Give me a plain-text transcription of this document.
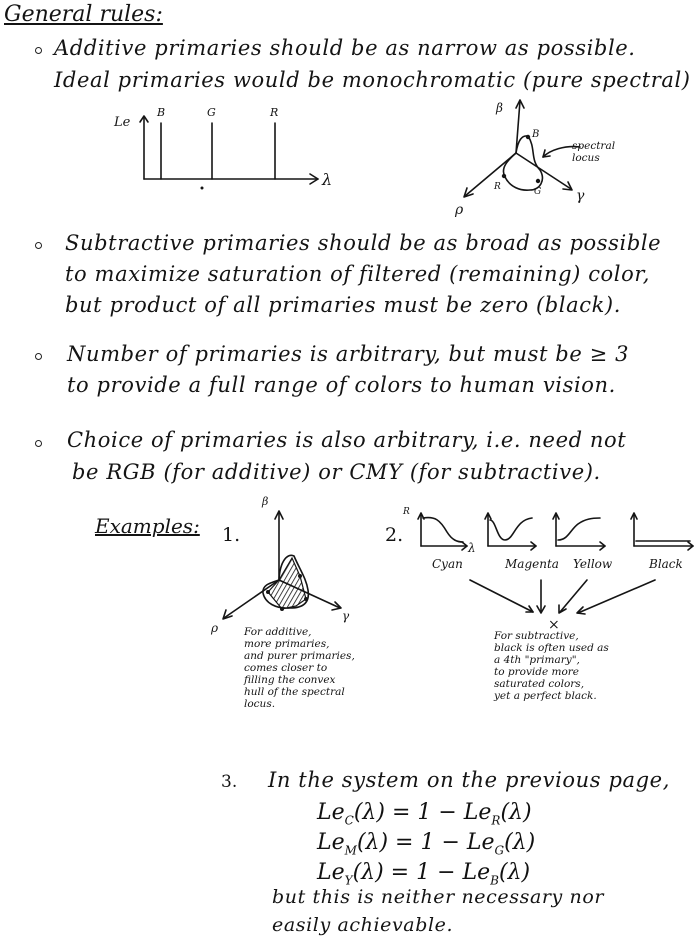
General rules:
Additive primaries should be as narrow as possible.
Ideal primaries would be monochromatic (pure spectral)
Le
λ
B	G	R	β
ρ
γ
B
R	G
spectral
locus
Subtractive primaries should be as broad as possible
to maximize saturation of filtered (remaining) color,
but product of all primaries must be zero (black).
Number of primaries is arbitrary, but must be ≥ 3
to provide a full range of colors to human vision.
Choice of primaries is also arbitrary, i.e. need not
be RGB (for additive) or CMY (for subtractive).
Examples: 1.
β
ρ
γ
For additive,
more primaries,
and purer primaries,
comes closer to
filling the convex
hull of the spectral
locus.
2.
R
λ
Cyan	Magenta Yellow	Black
×
For subtractive,
black is often used as
a 4th "primary",
to provide more
saturated colors,
yet a perfect black.
3. In the system on the previous page,
$Le_C(\lambda) = 1 - Le_R(\lambda)$
$Le_M(\lambda) = 1 - Le_G(\lambda)$
$Le_Y(\lambda) = 1 - Le_B(\lambda)$
but this is neither necessary nor
easily achievable.
